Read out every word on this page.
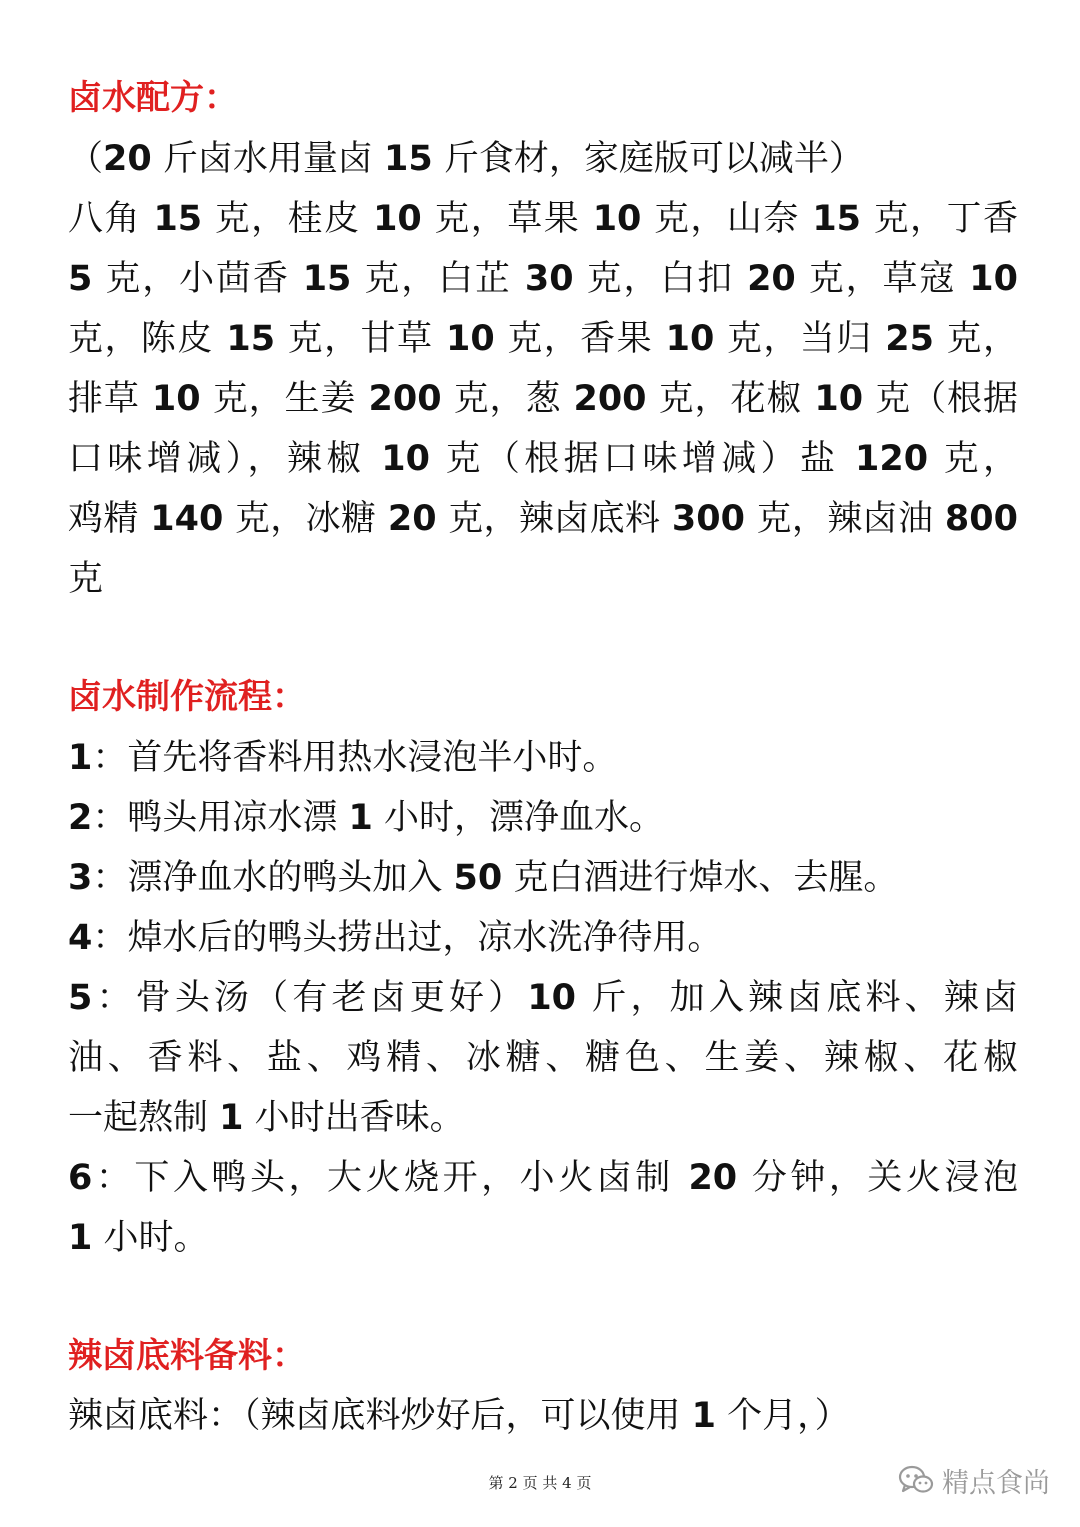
卤水配方：
（20 斤卤水用量卤 15 斤食材，家庭版可以减半）
八角 15 克，桂皮 10 克，草果 10 克，山奈 15 克，丁香
5 克，小茴香 15 克，白芷 30 克，白扣 20 克，草寇 10
克，陈皮 15 克，甘草 10 克，香果 10 克，当归 25 克，
排草 10 克，生姜 200 克，葱 200 克，花椒 10 克（根据
口味增减），辣椒 10 克（根据口味增减）盐 120 克，
鸡精 140 克，冰糖 20 克，辣卤底料 300 克，辣卤油 800
克
卤水制作流程：
1：首先将香料用热水浸泡半小时。
2：鸭头用凉水漂 1 小时，漂净血水。
3：漂净血水的鸭头加入 50 克白酒进行焯水、去腥。
4：焯水后的鸭头捞出过，凉水洗净待用。
5：骨头汤（有老卤更好）10 斤，加入辣卤底料、辣卤
油、香料、盐、鸡精、冰糖、糖色、生姜、辣椒、花椒
一起熬制 1 小时出香味。
6：下入鸭头，大火烧开，小火卤制 20 分钟，关火浸泡
1 小时。
辣卤底料备料：
辣卤底料：（辣卤底料炒好后，可以使用 1 个月，）
第 2 页 共 4 页	精点食尚
